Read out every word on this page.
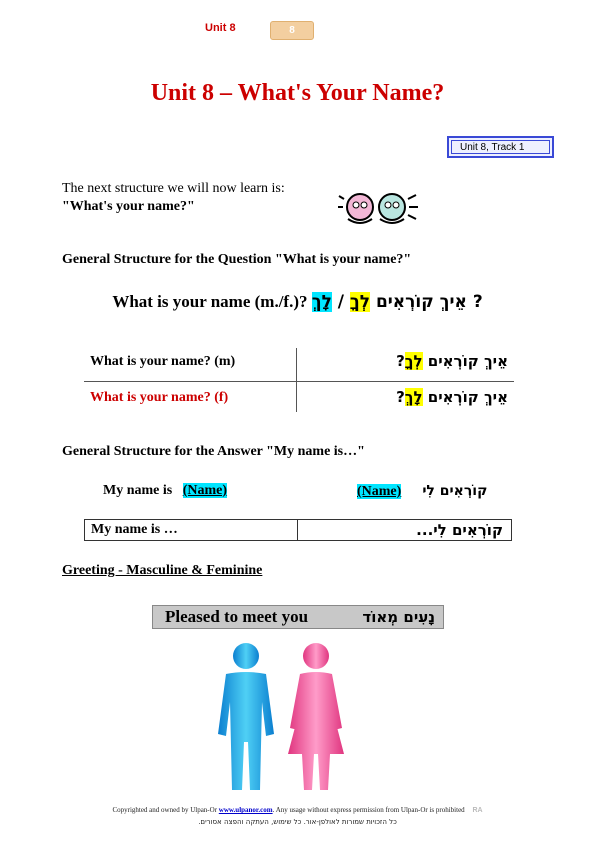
Unit 8	8
Unit 8 – What's Your Name?
Unit 8, Track 1
The next structure we will now learn is:
"What's your name?"
General Structure for the Question "What is your name?"
What is your name (m./f.)?	? אֵיךְ קוֹרְאִים לְךָ / לָךְ
What is your name? (m)	אֵיךְ קוֹרְאִים לְךָ?
What is your name? (f)	אֵיךְ קוֹרְאִים לָךְ?
General Structure for the Answer "My name is…"
My name is (Name)	(Name) קוֹרְאִים לִי
My name is …	קוֹרְאִים לִי...
Greeting - Masculine & Feminine
Pleased to meet you	נָעִים מְאוֹד
Copyrighted and owned by Ulpan-Or www.ulpanor.com. Any usage without express permission from Ulpan-Or is prohibited RA
כל הזכויות שמורות לאולפן-אור. כל שימוש, העתקה והפצה אסורים.
